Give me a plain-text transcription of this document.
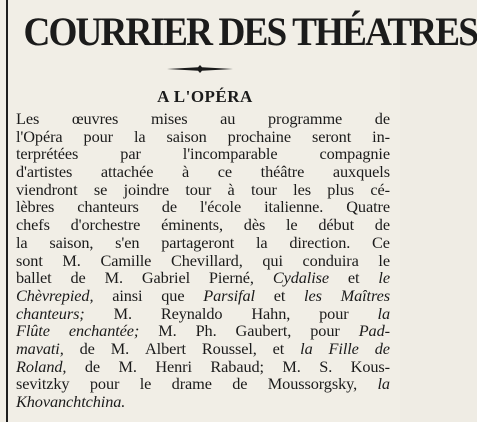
COURRIER DES THÉATRES
A L'OPÉRA
Les œuvres mises au programme de
l'Opéra pour la saison prochaine seront in-
terprétées	par	l'incomparable	compagnie
d'artistes attachée à ce théâtre auxquels
viendront se joindre tour à tour les plus cé-
lèbres chanteurs de l'école italienne. Quatre
chefs d'orchestre éminents, dès le début de
la saison, s'en partageront la direction. Ce
sont M. Camille Chevillard, qui conduira le
ballet de M. Gabriel Pierné, Cydalise et le
Chèvrepied, ainsi que Parsifal et les Maîtres
chanteurs; M. Reynaldo Hahn, pour la
Flûte enchantée; M. Ph. Gaubert, pour Pad-
mavati, de M. Albert Roussel, et la Fille de
Roland, de M. Henri Rabaud; M. S. Kous-
sevitzky pour le drame de Moussorgsky, la
Khovanchtchina.
